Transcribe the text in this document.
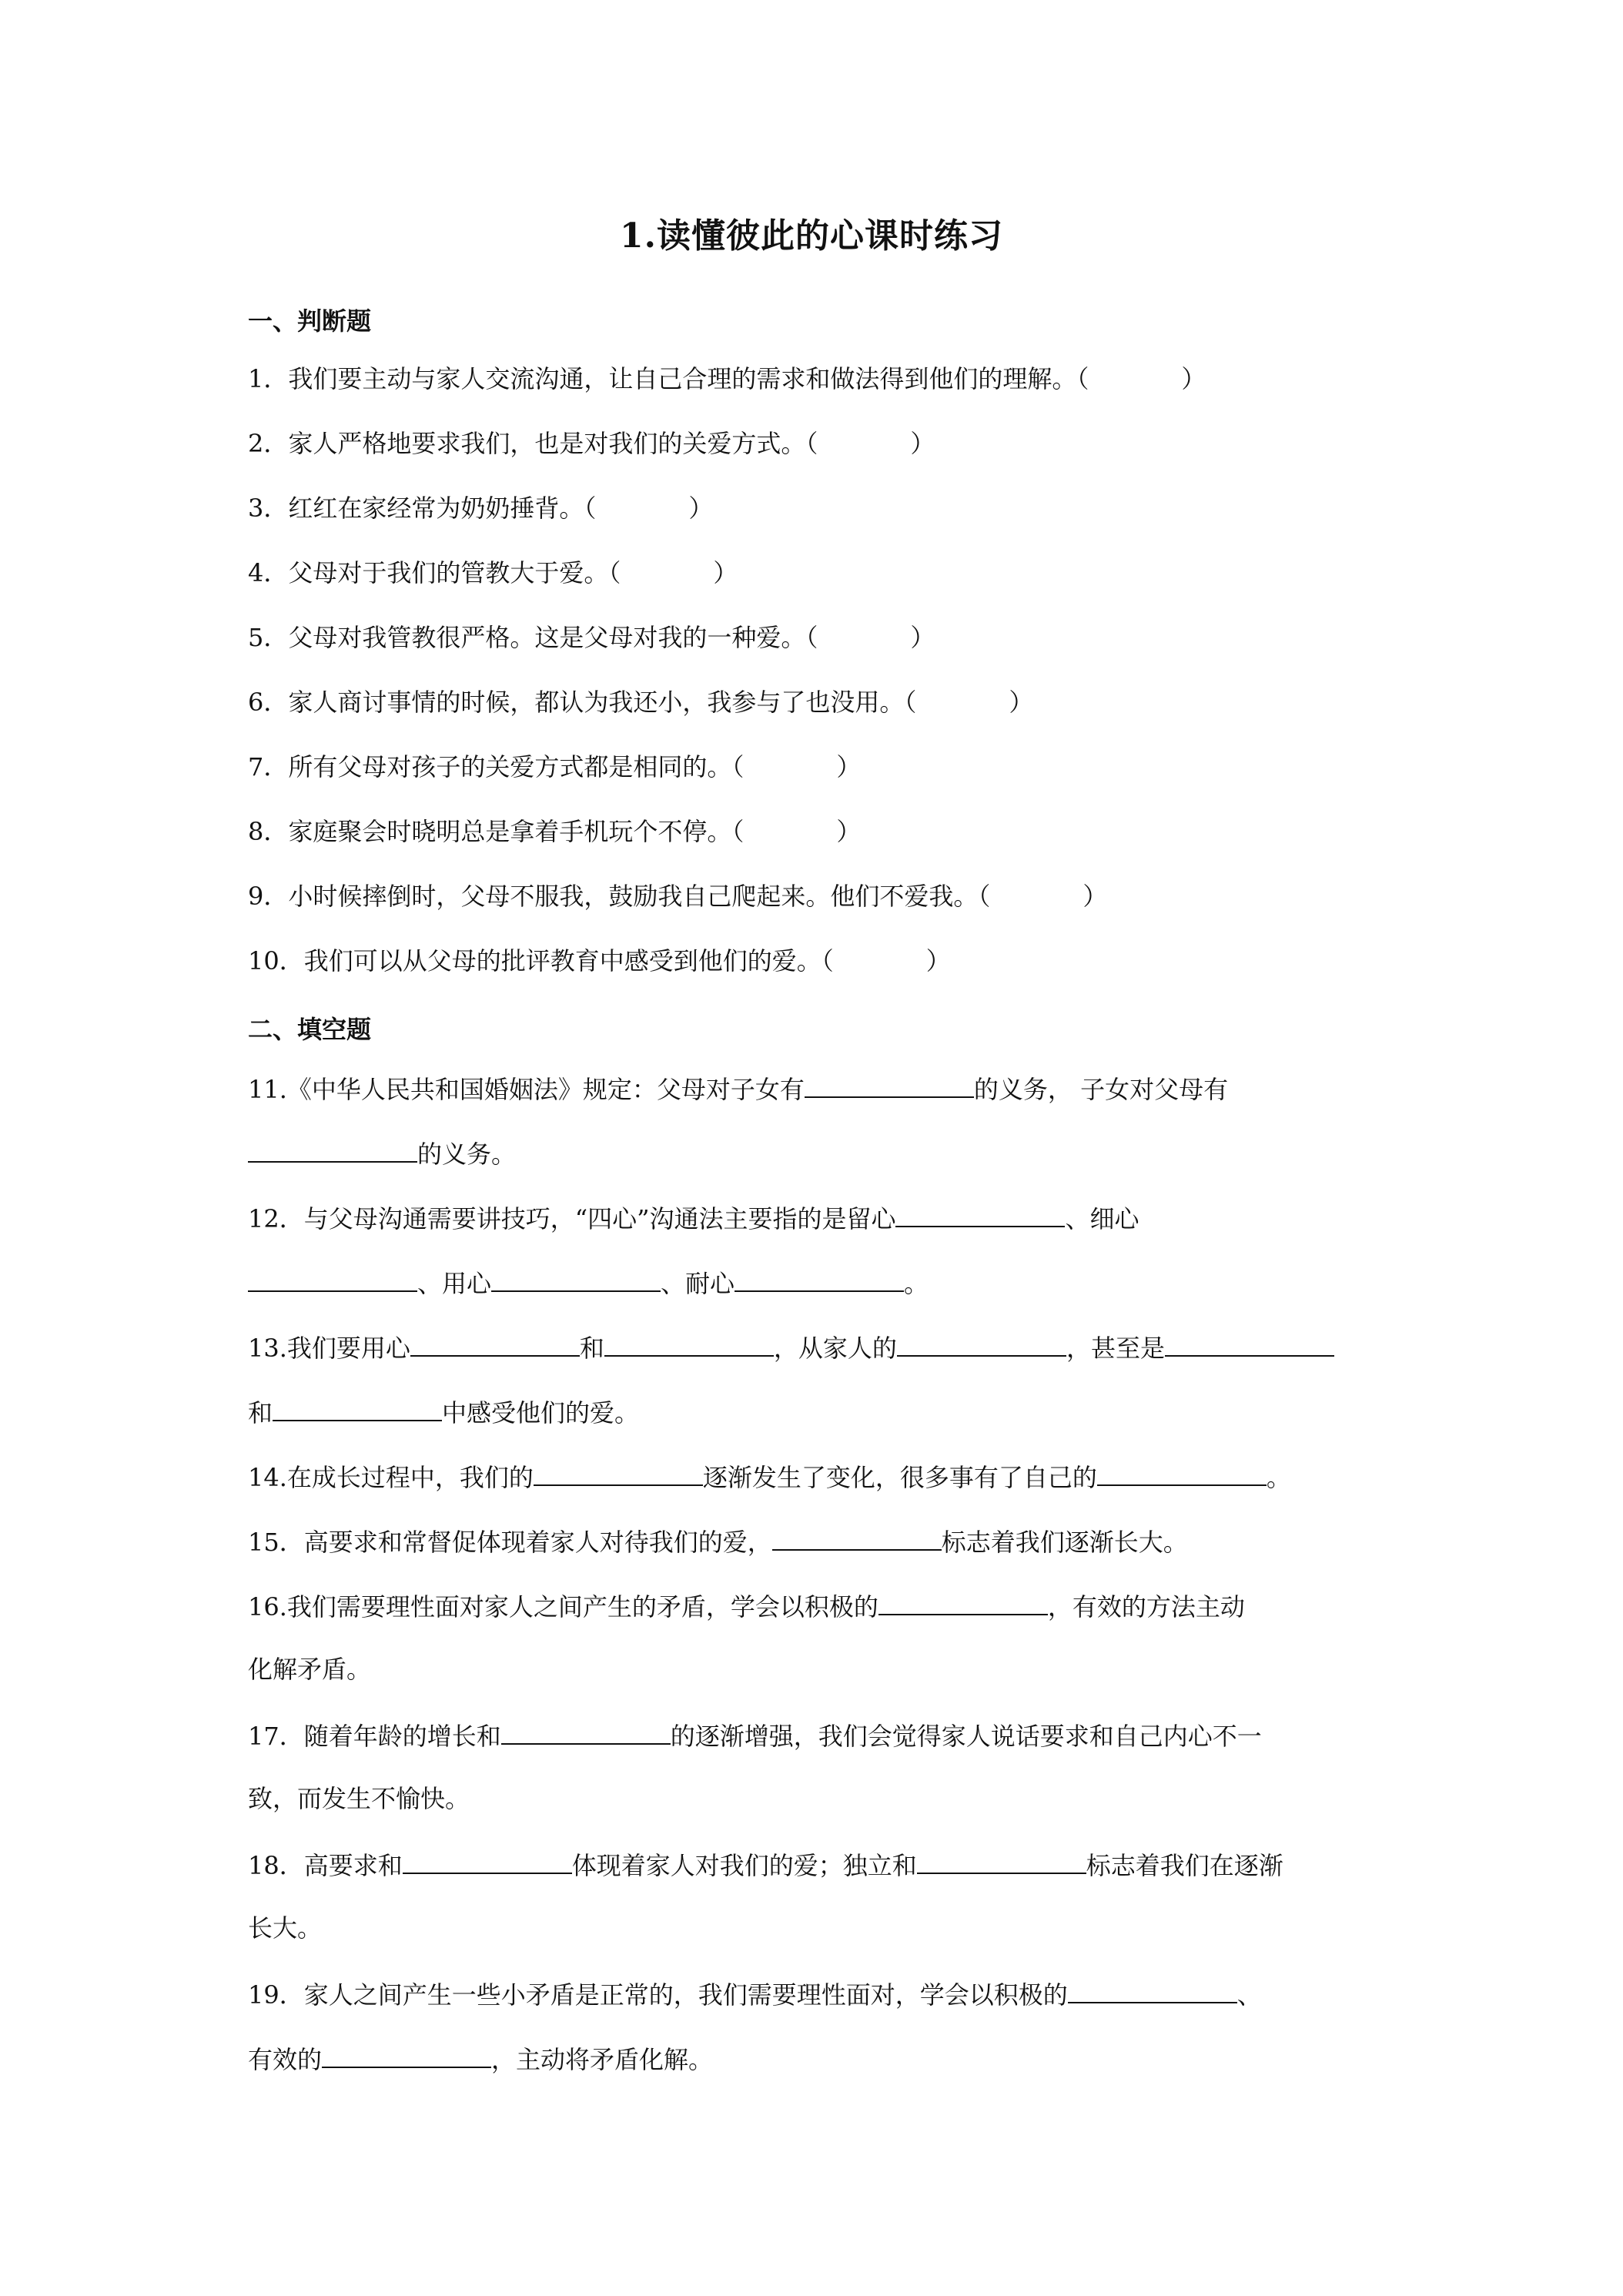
1.读懂彼此的心课时练习
一、判断题
1．我们要主动与家人交流沟通，让自己合理的需求和做法得到他们的理解。（	）
2．家人严格地要求我们，也是对我们的关爱方式。（	）
3．红红在家经常为奶奶捶背。（	）
4．父母对于我们的管教大于爱。（	）
5．父母对我管教很严格。这是父母对我的一种爱。（	）
6．家人商讨事情的时候，都认为我还小，我参与了也没用。（	）
7．所有父母对孩子的关爱方式都是相同的。（	）
8．家庭聚会时晓明总是拿着手机玩个不停。（	）
9．小时候摔倒时，父母不服我，鼓励我自己爬起来。他们不爱我。（	）
10．我们可以从父母的批评教育中感受到他们的爱。（	）
二、填空题
11.《中华人民共和国婚姻法》规定：父母对子女有	的义务， 子女对父母有
的义务。
12．与父母沟通需要讲技巧，“四心”沟通法主要指的是留心	、细心
、用心	、耐心	。
13.我们要用心	和	，从家人的	，甚至是
和	中感受他们的爱。
14.在成长过程中，我们的	逐渐发生了变化，很多事有了自己的	。
15．高要求和常督促体现着家人对待我们的爱，	标志着我们逐渐长大。
16.我们需要理性面对家人之间产生的矛盾，学会以积极的	，有效的方法主动
化解矛盾。
17．随着年龄的增长和	的逐渐增强，我们会觉得家人说话要求和自己内心不一
致，而发生不愉快。
18．高要求和	体现着家人对我们的爱；独立和	标志着我们在逐渐
长大。
19．家人之间产生一些小矛盾是正常的，我们需要理性面对，学会以积极的	、
有效的	，主动将矛盾化解。
